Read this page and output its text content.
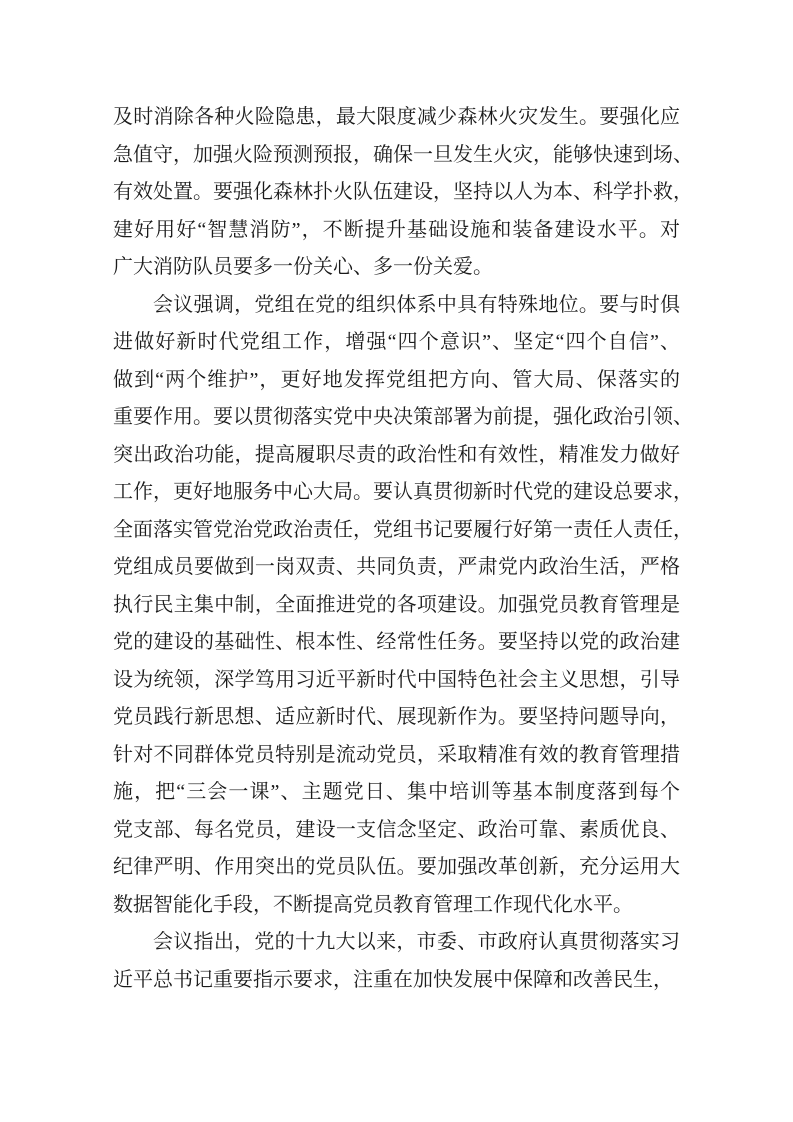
及时消除各种火险隐患，最大限度减少森林火灾发生。要强化应
急值守，加强火险预测预报，确保一旦发生火灾，能够快速到场、
有效处置。要强化森林扑火队伍建设，坚持以人为本、科学扑救，
建好用好“智慧消防”，不断提升基础设施和装备建设水平。对
广大消防队员要多一份关心、多一份关爱。
会议强调，党组在党的组织体系中具有特殊地位。要与时俱
进做好新时代党组工作，增强“四个意识”、坚定“四个自信”、
做到“两个维护”，更好地发挥党组把方向、管大局、保落实的
重要作用。要以贯彻落实党中央决策部署为前提，强化政治引领、
突出政治功能，提高履职尽责的政治性和有效性，精准发力做好
工作，更好地服务中心大局。要认真贯彻新时代党的建设总要求，
全面落实管党治党政治责任，党组书记要履行好第一责任人责任，
党组成员要做到一岗双责、共同负责，严肃党内政治生活，严格
执行民主集中制，全面推进党的各项建设。加强党员教育管理是
党的建设的基础性、根本性、经常性任务。要坚持以党的政治建
设为统领，深学笃用习近平新时代中国特色社会主义思想，引导
党员践行新思想、适应新时代、展现新作为。要坚持问题导向，
针对不同群体党员特别是流动党员，采取精准有效的教育管理措
施，把“三会一课”、主题党日、集中培训等基本制度落到每个
党支部、每名党员，建设一支信念坚定、政治可靠、素质优良、
纪律严明、作用突出的党员队伍。要加强改革创新，充分运用大
数据智能化手段，不断提高党员教育管理工作现代化水平。
会议指出，党的十九大以来，市委、市政府认真贯彻落实习
近平总书记重要指示要求，注重在加快发展中保障和改善民生，
